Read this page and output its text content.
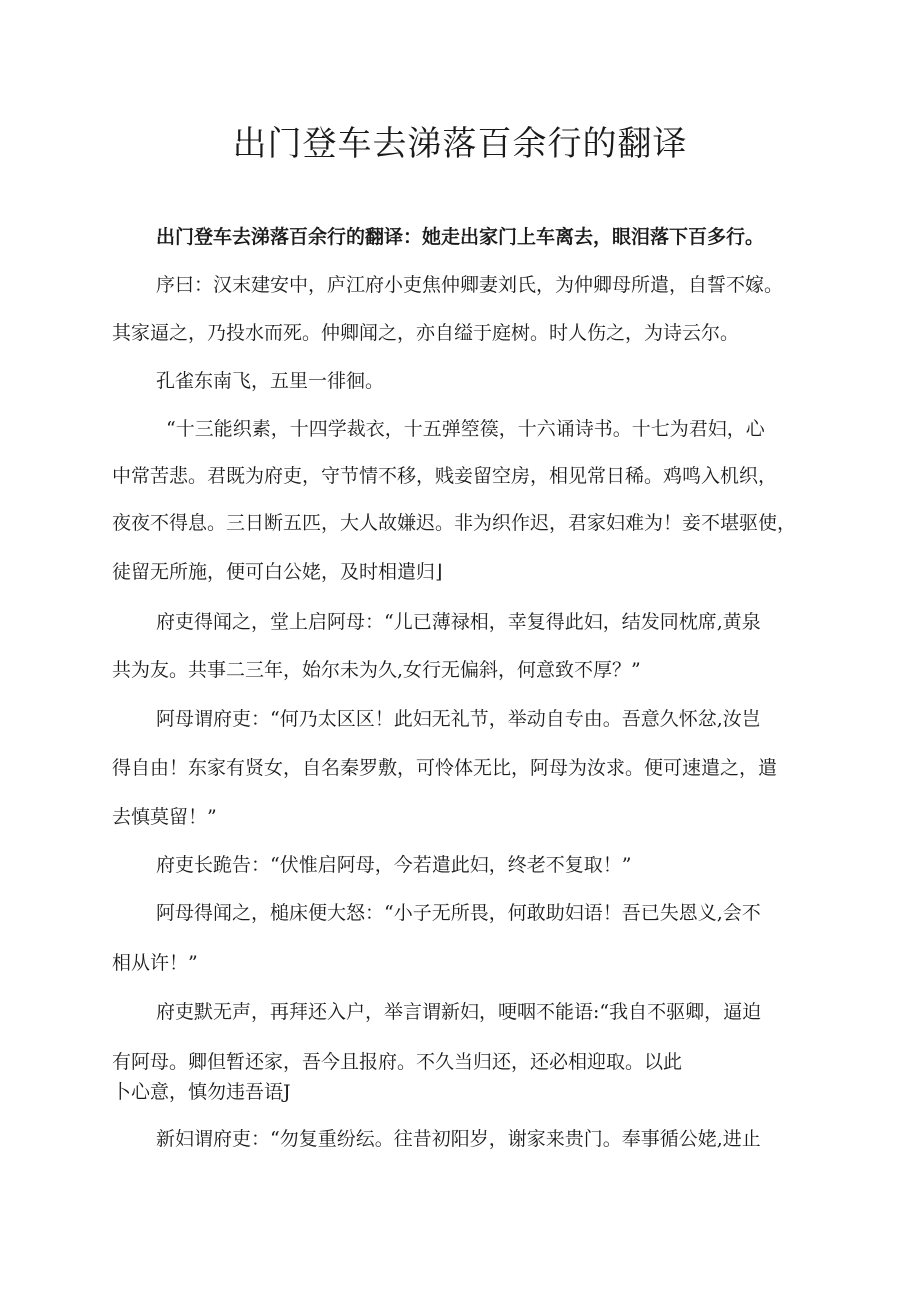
出门登车去涕落百余行的翻译
出门登车去涕落百余行的翻译：她走出家门上车离去，眼泪落下百多行。
序曰：汉末建安中，庐江府小吏焦仲卿妻刘氏，为仲卿母所遣，自誓不嫁。
其家逼之，乃投水而死。仲卿闻之，亦自缢于庭树。时人伤之，为诗云尔。
孔雀东南飞，五里一徘徊。
“十三能织素，十四学裁衣，十五弹箜篌，十六诵诗书。十七为君妇，心
中常苦悲。君既为府吏，守节情不移，贱妾留空房，相见常日稀。鸡鸣入机织，
夜夜不得息。三日断五匹，大人故嫌迟。非为织作迟，君家妇难为！妾不堪驱使，
徒留无所施，便可白公姥，及时相遣归⌋
府吏得闻之，堂上启阿母：“儿已薄禄相，幸复得此妇，结发同枕席,黄泉
共为友。共事二三年，始尔未为久,女行无偏斜，何意致不厚？”
阿母谓府吏：“何乃太区区！此妇无礼节，举动自专由。吾意久怀忿,汝岂
得自由！东家有贤女，自名秦罗敷，可怜体无比，阿母为汝求。便可速遣之，遣
去慎莫留！”
府吏长跪告：“伏惟启阿母，今若遣此妇，终老不复取！”
阿母得闻之，槌床便大怒：“小子无所畏，何敢助妇语！吾已失恩义,会不
相从许！”
府吏默无声，再拜还入户，举言谓新妇，哽咽不能语:“我自不驱卿，逼迫
有阿母。卿但暂还家，吾今且报府。不久当归还，还必相迎取。以此
卜心意，慎勿违吾语J
新妇谓府吏：“勿复重纷纭。往昔初阳岁，谢家来贵门。奉事循公姥,进止
